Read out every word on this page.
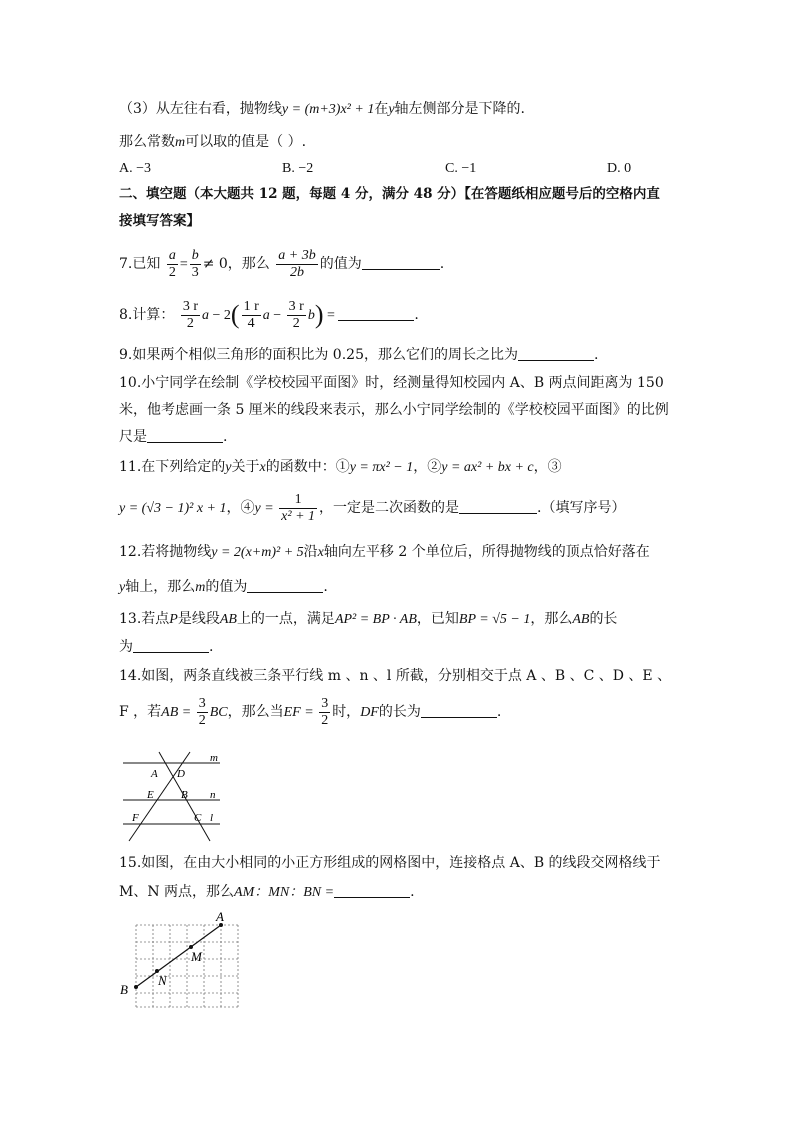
（3）从左往右看，抛物线y = (m+3)x² + 1在y轴左侧部分是下降的.
那么常数m可以取的值是（ ）.
A. −3	B. −2	C. −1	D. 0
二、填空题（本大题共 12 题，每题 4 分，满分 48 分）【在答题纸相应题号后的空格内直
接填写答案】
7.已知 $\frac{a}{2} = \frac{b}{3} \ne 0$，那么 $\frac{a + 3b}{2b}$ 的值为	.
8.计算： $\frac{3 r}{2}$ $a - 2( \frac{1 r}{4}$ $a - \frac{3 r}{2} b$) =	.
9.如果两个相似三角形的面积比为 0.25，那么它们的周长之比为	.
10.小宁同学在绘制《学校校园平面图》时，经测量得知校园内 A、B 两点间距离为 150
米，他考虑画一条 5 厘米的线段来表示，那么小宁同学绘制的《学校校园平面图》的比例
尺是	.
11.在下列给定的y关于x的函数中：①y = πx² − 1，②y = ax² + bx + c，③
y = (√3 − 1)² x + 1，④y = $\frac{1}{\text{x² + 1}}$ ，一定是二次函数的是	.（填写序号）
12.若将抛物线y = 2(x+m)² + 5沿x轴向左平移 2 个单位后，所得抛物线的顶点恰好落在
y轴上，那么m的值为	.
13.若点P是线段AB上的一点，满足AP² = BP · AB，已知BP = √5 − 1，那么AB的长
为	.
14.如图，两条直线被三条平行线 m 、n 、l 所截，分别相交于点 A 、B 、C 、D 、E 、
F ，若AB = $\frac{3}{2}$ BC，那么当EF = $\frac{3}{2}$ 时，DF的长为	.
A D
m
E B n
F	C l
15.如图，在由大小相同的小正方形组成的网格图中，连接格点 A、B 的线段交网格线于
M、N 两点，那么AM：MN：BN =	.
A
M
N
B
